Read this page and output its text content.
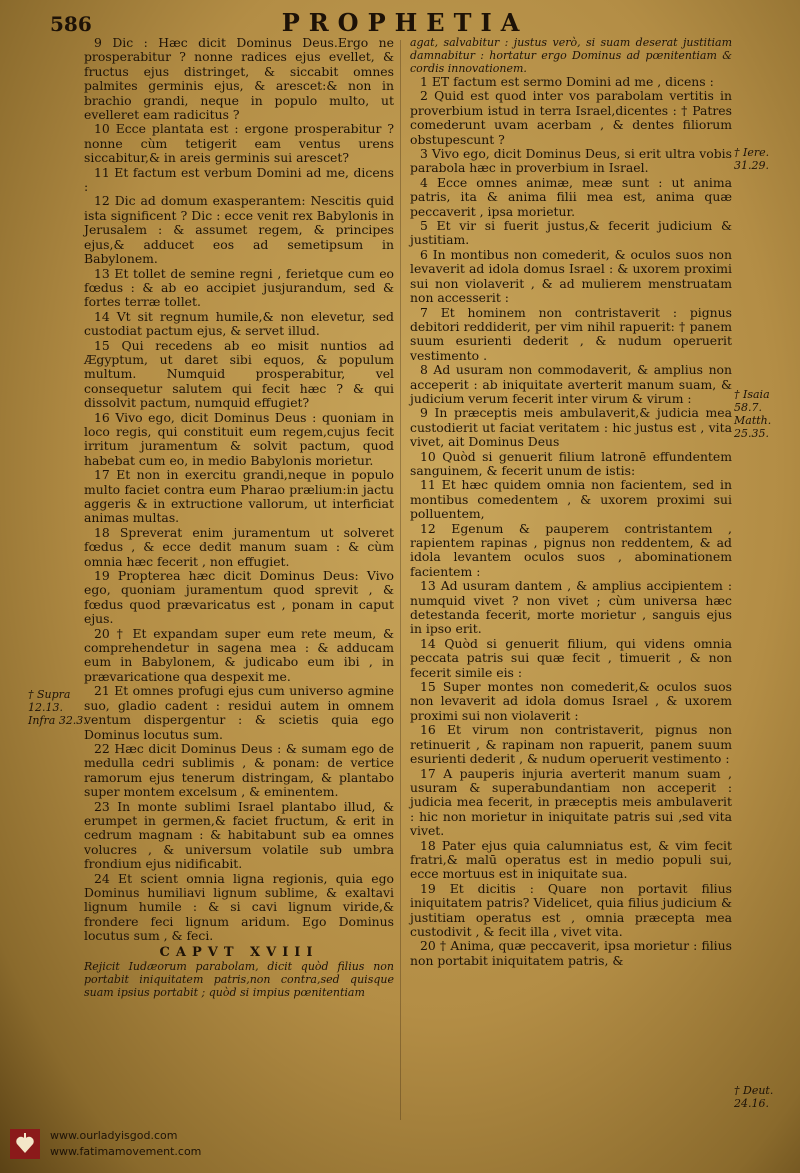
586	PROPHETIA

9 Dic : Hæc dicit Dominus Deus.Ergo ne prosperabitur ? nonne radices ejus evellet, & fructus ejus distringet, & siccabit omnes palmites germinis ejus, & arescet:& non in brachio grandi, neque in populo multo, ut evelleret eam radicitus ?

10 Ecce plantata est : ergone prosperabitur ? nonne cùm tetigerit eam ventus urens siccabitur,& in areis germinis sui arescet?

11 Et factum est verbum Domini ad me, dicens :

12 Dic ad domum exasperantem: Nescitis quid ista significent ? Dic : ecce venit rex Babylonis in Jerusalem : & assumet regem, & principes ejus,& adducet eos ad semetipsum in Babylonem.

13 Et tollet de semine regni , ferietque cum eo fœdus : & ab eo accipiet jusjurandum, sed & fortes terræ tollet.

14 Vt sit regnum humile,& non elevetur, sed custodiat pactum ejus, & servet illud.

15 Qui recedens ab eo misit nuntios ad Ægyptum, ut daret sibi equos, & populum multum. Numquid prosperabitur, vel consequetur salutem qui fecit hæc ? & qui dissolvit pactum, numquid effugiet?

16 Vivo ego, dicit Dominus Deus : quoniam in loco regis, qui constituit eum regem,cujus fecit irritum juramentum & solvit pactum, quod habebat cum eo, in medio Babylonis morietur.

17 Et non in exercitu grandi,neque in populo multo faciet contra eum Pharao prælium:in jactu aggeris & in extructione vallorum, ut interficiat animas multas.

18 Spreverat enim juramentum ut solveret fœdus , & ecce dedit manum suam : & cùm omnia hæc fecerit , non effugiet.

19 Propterea hæc dicit Dominus Deus: Vivo ego, quoniam juramentum quod sprevit , & fœdus quod prævaricatus est , ponam in caput ejus.

20 † Et expandam super eum rete meum, & comprehendetur in sagena mea : & adducam eum in Babylonem, & judicabo eum ibi , in prævaricatione qua despexit me.

21 Et omnes profugi ejus cum universo agmine suo, gladio cadent : residui autem in omnem ventum dispergentur : & scietis quia ego Dominus locutus sum.

22 Hæc dicit Dominus Deus : & sumam ego de medulla cedri sublimis , & ponam: de vertice ramorum ejus tenerum distringam, & plantabo super montem excelsum , & eminentem.

23 In monte sublimi Israel plantabo illud, & erumpet in germen,& faciet fructum, & erit in cedrum magnam : & habitabunt sub ea omnes volucres , & universum volatile sub umbra frondium ejus nidificabit.

24 Et scient omnia ligna regionis, quia ego Dominus humiliavi lignum sublime, & exaltavi lignum humile : & si cavi lignum viride,& frondere feci lignum aridum. Ego Dominus locutus sum , & feci.

CAPVT XVIII

Rejicit Iudæorum parabolam, dicit quòd filius non portabit iniquitatem patris,non contra,sed quisque suam ipsius portabit ; quòd si impius pœnitentiam

agat, salvabitur : justus verò, si suam deserat justitiam damnabitur : hortatur ergo Dominus ad pœnitentiam & cordis innovationem.

1 ET factum est sermo Domini ad me , dicens :

2 Quid est quod inter vos parabolam vertitis in proverbium istud in terra Israel,dicentes : † Patres comederunt uvam acerbam , & dentes filiorum obstupescunt ?

3 Vivo ego, dicit Dominus Deus, si erit ultra vobis parabola hæc in proverbium in Israel.

4 Ecce omnes animæ, meæ sunt : ut anima patris, ita & anima filii mea est, anima quæ peccaverit , ipsa morietur.

5 Et vir si fuerit justus,& fecerit judicium & justitiam.

6 In montibus non comederit, & oculos suos non levaverit ad idola domus Israel : & uxorem proximi sui non violaverit , & ad mulierem menstruatam non accesserit :

7 Et hominem non contristaverit : pignus debitori reddiderit, per vim nihil rapuerit: † panem suum esurienti dederit , & nudum operuerit vestimento .

8 Ad usuram non commodaverit, & amplius non acceperit : ab iniquitate averterit manum suam, & judicium verum fecerit inter virum & virum :

9 In præceptis meis ambulaverit,& judicia mea custodierit ut faciat veritatem : hic justus est , vita vivet, ait Dominus Deus

10 Quòd si genuerit filium latronē effundentem sanguinem, & fecerit unum de istis:

11 Et hæc quidem omnia non facientem, sed in montibus comedentem , & uxorem proximi sui polluentem,

12 Egenum & pauperem contristantem , rapientem rapinas , pignus non reddentem, & ad idola levantem oculos suos , abominationem facientem :

13 Ad usuram dantem , & amplius accipientem : numquid vivet ? non vivet ; cùm universa hæc detestanda fecerit, morte morietur , sanguis ejus in ipso erit.

14 Quòd si genuerit filium, qui videns omnia peccata patris sui quæ fecit , timuerit , & non fecerit simile eis :

15 Super montes non comederit,& oculos suos non levaverit ad idola domus Israel , & uxorem proximi sui non violaverit :

16 Et virum non contristaverit, pignus non retinuerit , & rapinam non rapuerit, panem suum esurienti dederit , & nudum operuerit vestimento :

17 A pauperis injuria averterit manum suam , usuram & superabundantiam non acceperit : judicia mea fecerit, in præceptis meis ambulaverit : hic non morietur in iniquitate patris sui ,sed vita vivet.

18 Pater ejus quia calumniatus est, & vim fecit fratri,& malū operatus est in medio populi sui, ecce mortuus est in iniquitate sua.

19 Et dicitis : Quare non portavit filius iniquitatem patris? Videlicet, quia filius judicium & justitiam operatus est , omnia præcepta mea custodivit , & fecit illa , vivet vita.

20 † Anima, quæ peccaverit, ipsa morietur : filius non portabit iniquitatem patris, &

† Supra 12.13. Infra 32.3.
† Iere. 31.29.
† Isaia 58.7. Matth. 25.35.
† Deut. 24.16.
www.ourladyisgod.com
www.fatimamovement.com
